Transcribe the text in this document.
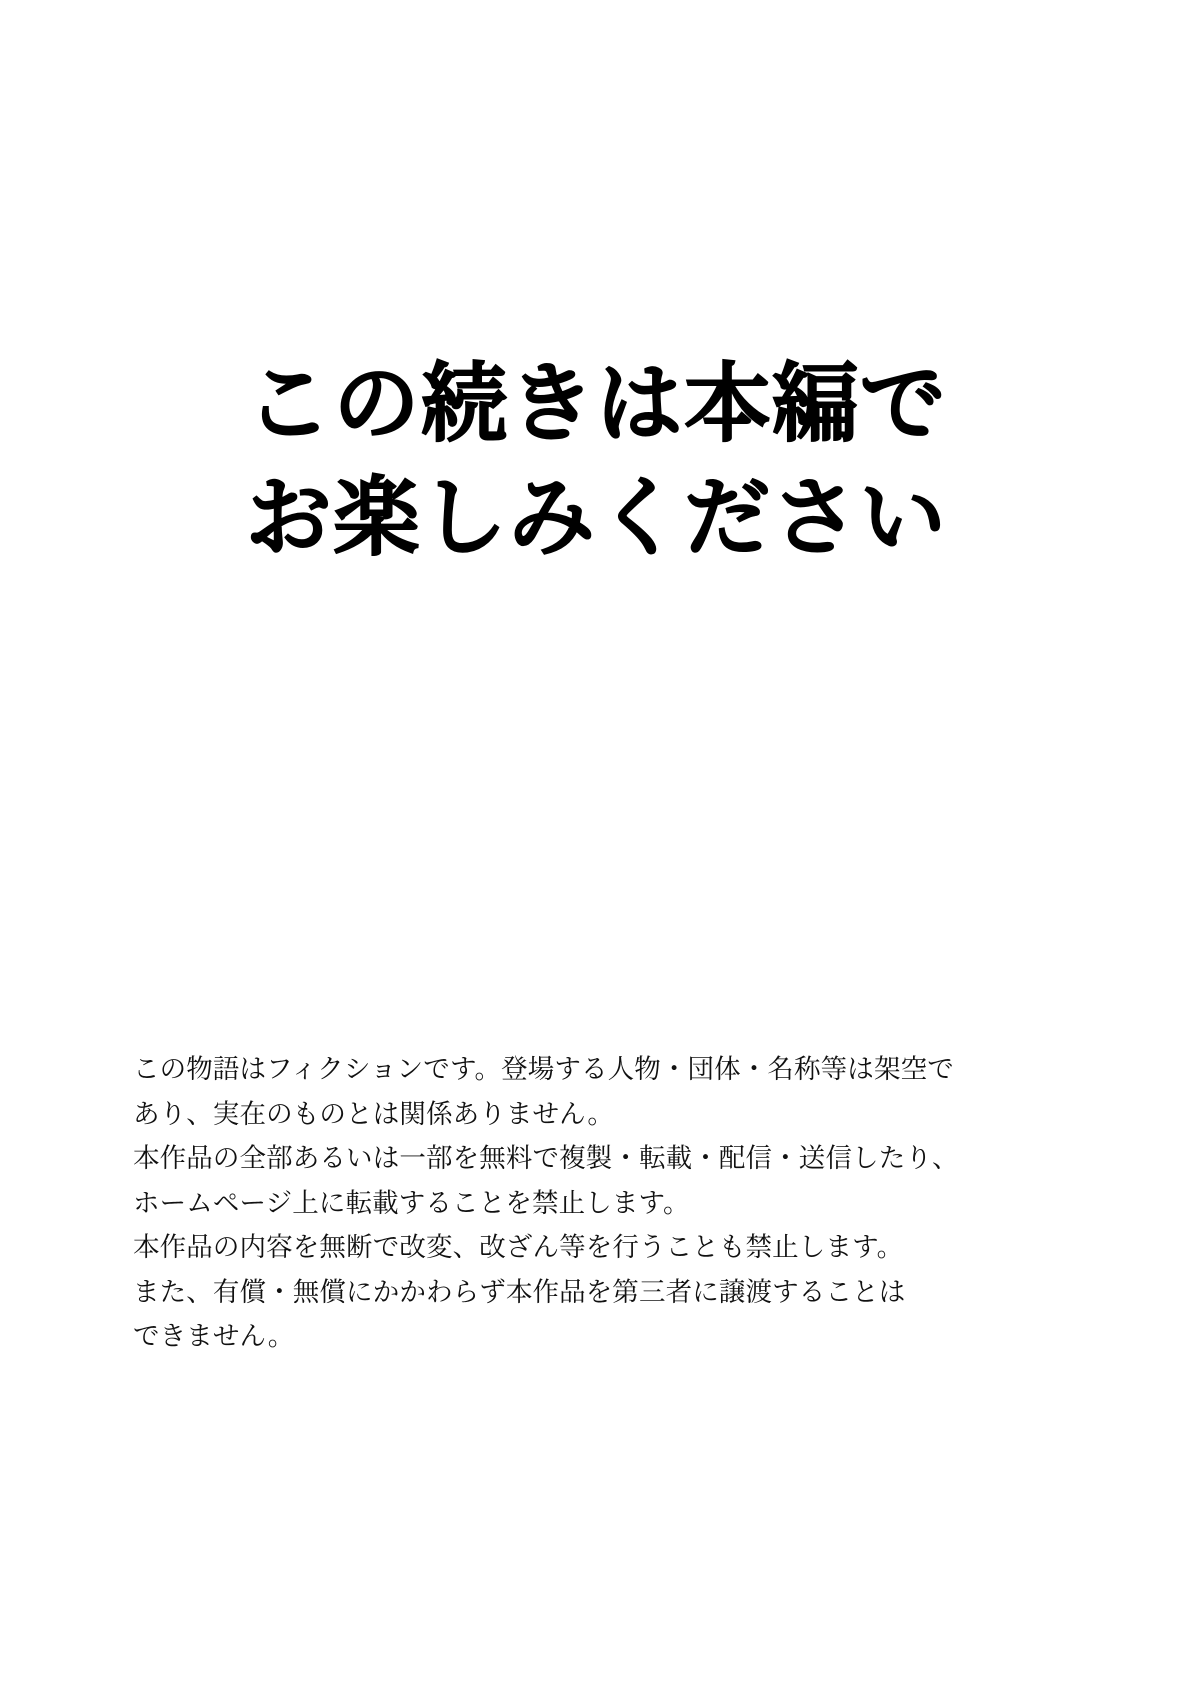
この続きは本編で
お楽しみください

この物語はフィクションです。登場する人物・団体・名称等は架空で

あり、実在のものとは関係ありません。

本作品の全部あるいは一部を無料で複製・転載・配信・送信したり、

ホームページ上に転載することを禁止します。

本作品の内容を無断で改変、改ざん等を行うことも禁止します。

また、有償・無償にかかわらず本作品を第三者に譲渡することは

できません。
